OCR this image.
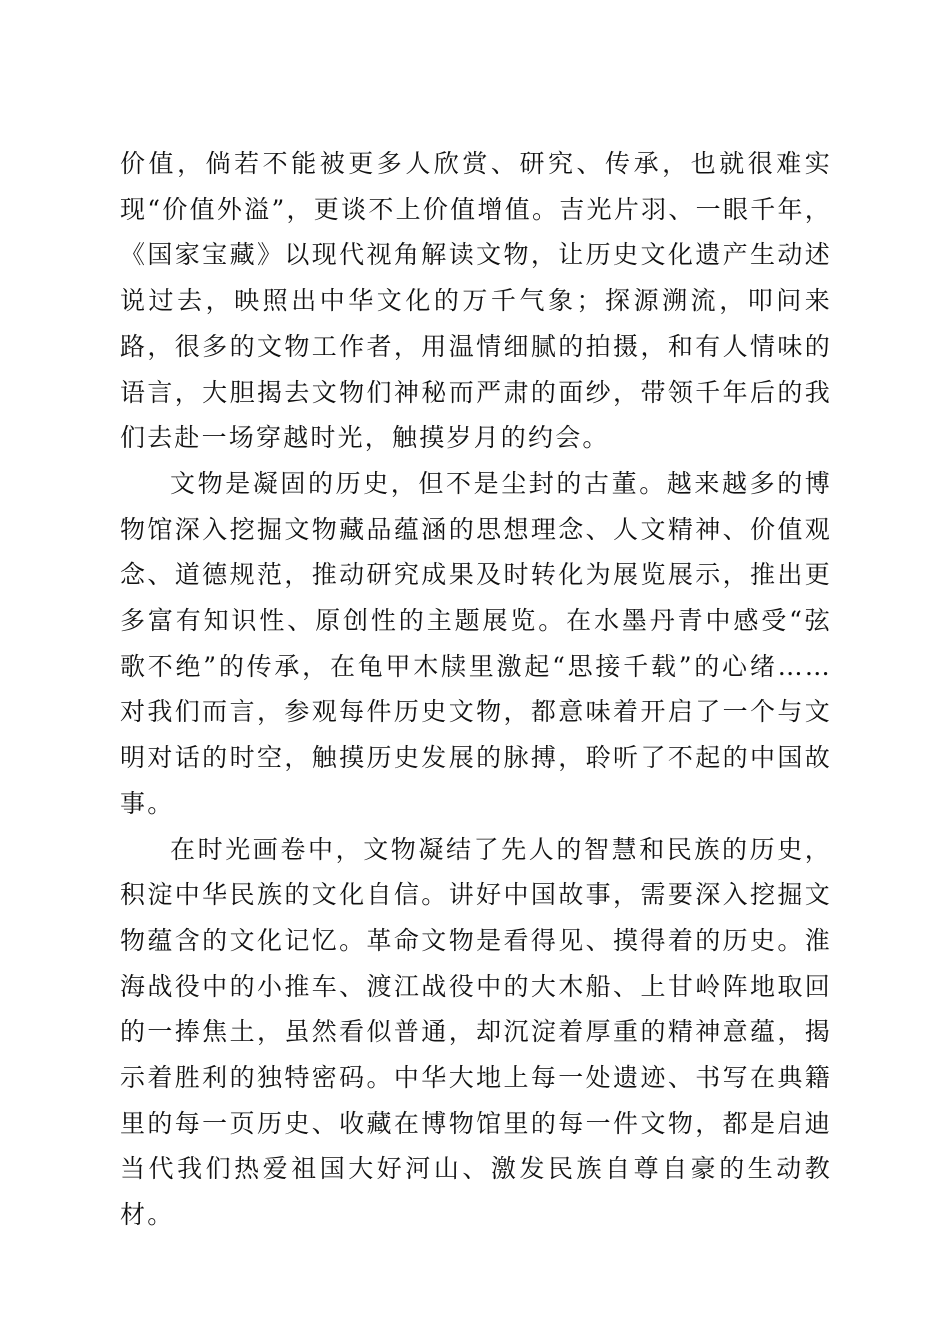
价值，倘若不能被更多人欣赏、研究、传承，也就很难实现“价值外溢”，更谈不上价值增值。吉光片羽、一眼千年，《国家宝藏》以现代视角解读文物，让历史文化遗产生动述说过去，映照出中华文化的万千气象；探源溯流，叩问来路，很多的文物工作者，用温情细腻的拍摄，和有人情味的语言，大胆揭去文物们神秘而严肃的面纱，带领千年后的我们去赴一场穿越时光，触摸岁月的约会。

文物是凝固的历史，但不是尘封的古董。越来越多的博物馆深入挖掘文物藏品蕴涵的思想理念、人文精神、价值观念、道德规范，推动研究成果及时转化为展览展示，推出更多富有知识性、原创性的主题展览。在水墨丹青中感受“弦歌不绝”的传承，在龟甲木牍里激起“思接千载”的心绪……对我们而言，参观每件历史文物，都意味着开启了一个与文明对话的时空，触摸历史发展的脉搏，聆听了不起的中国故事。

在时光画卷中，文物凝结了先人的智慧和民族的历史，积淀中华民族的文化自信。讲好中国故事，需要深入挖掘文物蕴含的文化记忆。革命文物是看得见、摸得着的历史。淮海战役中的小推车、渡江战役中的大木船、上甘岭阵地取回的一捧焦土，虽然看似普通，却沉淀着厚重的精神意蕴，揭示着胜利的独特密码。中华大地上每一处遗迹、书写在典籍里的每一页历史、收藏在博物馆里的每一件文物，都是启迪当代我们热爱祖国大好河山、激发民族自尊自豪的生动教材。
